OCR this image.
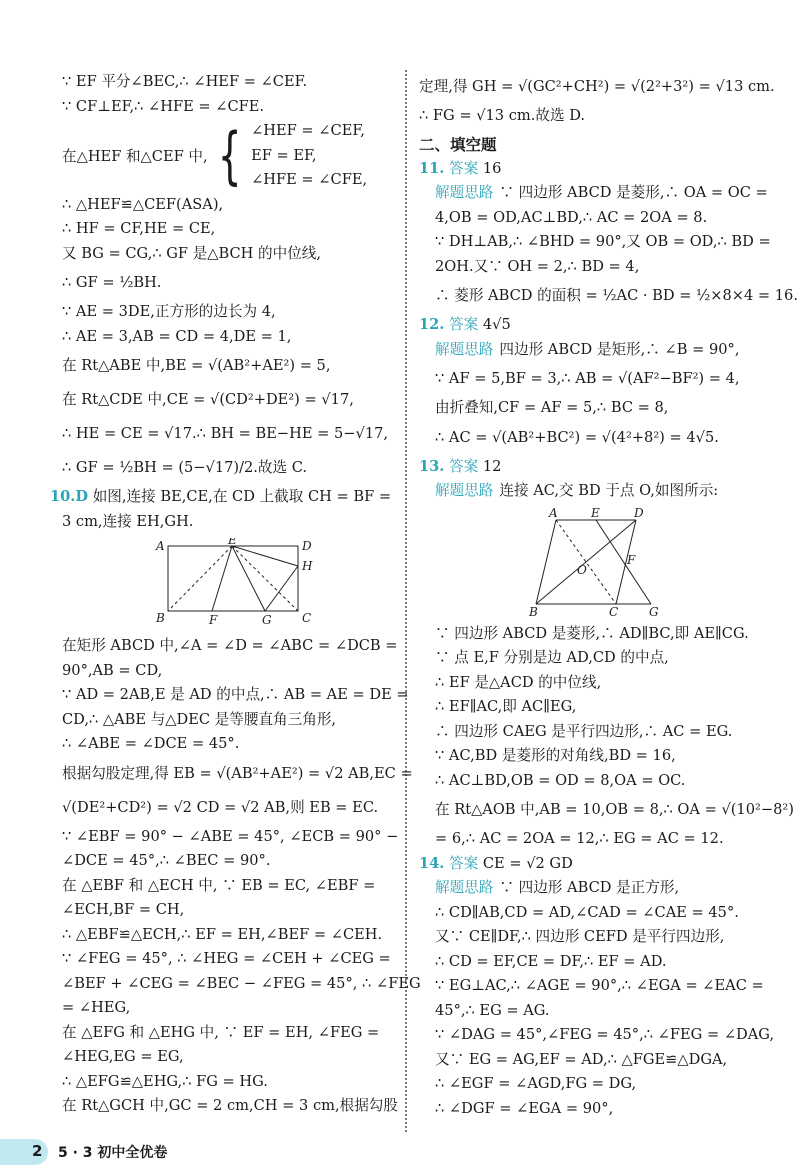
∵ EF 平分∠BEC,∴ ∠HEF = ∠CEF.
∵ CF⊥EF,∴ ∠HFE = ∠CFE.
在△HEF 和△CEF 中, { ∠HEF = ∠CEF,
EF = EF,
∠HFE = ∠CFE,
∴ △HEF≌△CEF(ASA),
∴ HF = CF,HE = CE,
又 BG = CG,∴ GF 是△BCH 的中位线,
∴ GF = ½BH.
∵ AE = 3DE,正方形的边长为 4,
∴ AE = 3,AB = CD = 4,DE = 1,
在 Rt△ABE 中,BE = √(AB²+AE²) = 5,
在 Rt△CDE 中,CE = √(CD²+DE²) = √17,
∴ HE = CE = √17.∴ BH = BE−HE = 5−√17,
∴ GF = ½BH = (5−√17)/2.故选 C.
10.D 如图,连接 BE,CE,在 CD 上截取 CH = BF =
3 cm,连接 EH,GH.
A	E	D
H
B	F	G	C
在矩形 ABCD 中,∠A = ∠D = ∠ABC = ∠DCB =
90°,AB = CD,
∵ AD = 2AB,E 是 AD 的中点,∴ AB = AE = DE =
CD,∴ △ABE 与△DEC 是等腰直角三角形,
∴ ∠ABE = ∠DCE = 45°.
根据勾股定理,得 EB = √(AB²+AE²) = √2 AB,EC =
√(DE²+CD²) = √2 CD = √2 AB,则 EB = EC.
∵ ∠EBF = 90° − ∠ABE = 45°, ∠ECB = 90° −
∠DCE = 45°,∴ ∠BEC = 90°.
在 △EBF 和 △ECH 中, ∵ EB = EC, ∠EBF =
∠ECH,BF = CH,
∴ △EBF≌△ECH,∴ EF = EH,∠BEF = ∠CEH.
∵ ∠FEG = 45°, ∴ ∠HEG = ∠CEH + ∠CEG =
∠BEF + ∠CEG = ∠BEC − ∠FEG = 45°, ∴ ∠FEG
= ∠HEG,
在 △EFG 和 △EHG 中, ∵ EF = EH, ∠FEG =
∠HEG,EG = EG,
∴ △EFG≌△EHG,∴ FG = HG.
在 Rt△GCH 中,GC = 2 cm,CH = 3 cm,根据勾股
定理,得 GH = √(GC²+CH²) = √(2²+3²) = √13 cm.
∴ FG = √13 cm.故选 D.
二、填空题
11. 答案 16
解题思路 ∵ 四边形 ABCD 是菱形,∴ OA = OC =
4,OB = OD,AC⊥BD,∴ AC = 2OA = 8.
∵ DH⊥AB,∴ ∠BHD = 90°,又 OB = OD,∴ BD =
2OH.又∵ OH = 2,∴ BD = 4,
∴ 菱形 ABCD 的面积 = ½AC · BD = ½×8×4 = 16.
12. 答案 4√5
解题思路 四边形 ABCD 是矩形,∴ ∠B = 90°,
∵ AF = 5,BF = 3,∴ AB = √(AF²−BF²) = 4,
由折叠知,CF = AF = 5,∴ BC = 8,
∴ AC = √(AB²+BC²) = √(4²+8²) = 4√5.
13. 答案 12
解题思路 连接 AC,交 BD 于点 O,如图所示:
A	E	D
F
O
B	C	G
∵ 四边形 ABCD 是菱形,∴ AD∥BC,即 AE∥CG.
∵ 点 E,F 分别是边 AD,CD 的中点,
∴ EF 是△ACD 的中位线,
∴ EF∥AC,即 AC∥EG,
∴ 四边形 CAEG 是平行四边形,∴ AC = EG.
∵ AC,BD 是菱形的对角线,BD = 16,
∴ AC⊥BD,OB = OD = 8,OA = OC.
在 Rt△AOB 中,AB = 10,OB = 8,∴ OA = √(10²−8²)
= 6,∴ AC = 2OA = 12,∴ EG = AC = 12.
14. 答案 CE = √2 GD
解题思路 ∵ 四边形 ABCD 是正方形,
∴ CD∥AB,CD = AD,∠CAD = ∠CAE = 45°.
又∵ CE∥DF,∴ 四边形 CEFD 是平行四边形,
∴ CD = EF,CE = DF,∴ EF = AD.
∵ EG⊥AC,∴ ∠AGE = 90°,∴ ∠EGA = ∠EAC =
45°,∴ EG = AG.
∵ ∠DAG = 45°,∠FEG = 45°,∴ ∠FEG = ∠DAG,
又∵ EG = AG,EF = AD,∴ △FGE≌△DGA,
∴ ∠EGF = ∠AGD,FG = DG,
∴ ∠DGF = ∠EGA = 90°,
2 5 · 3 初中全优卷
